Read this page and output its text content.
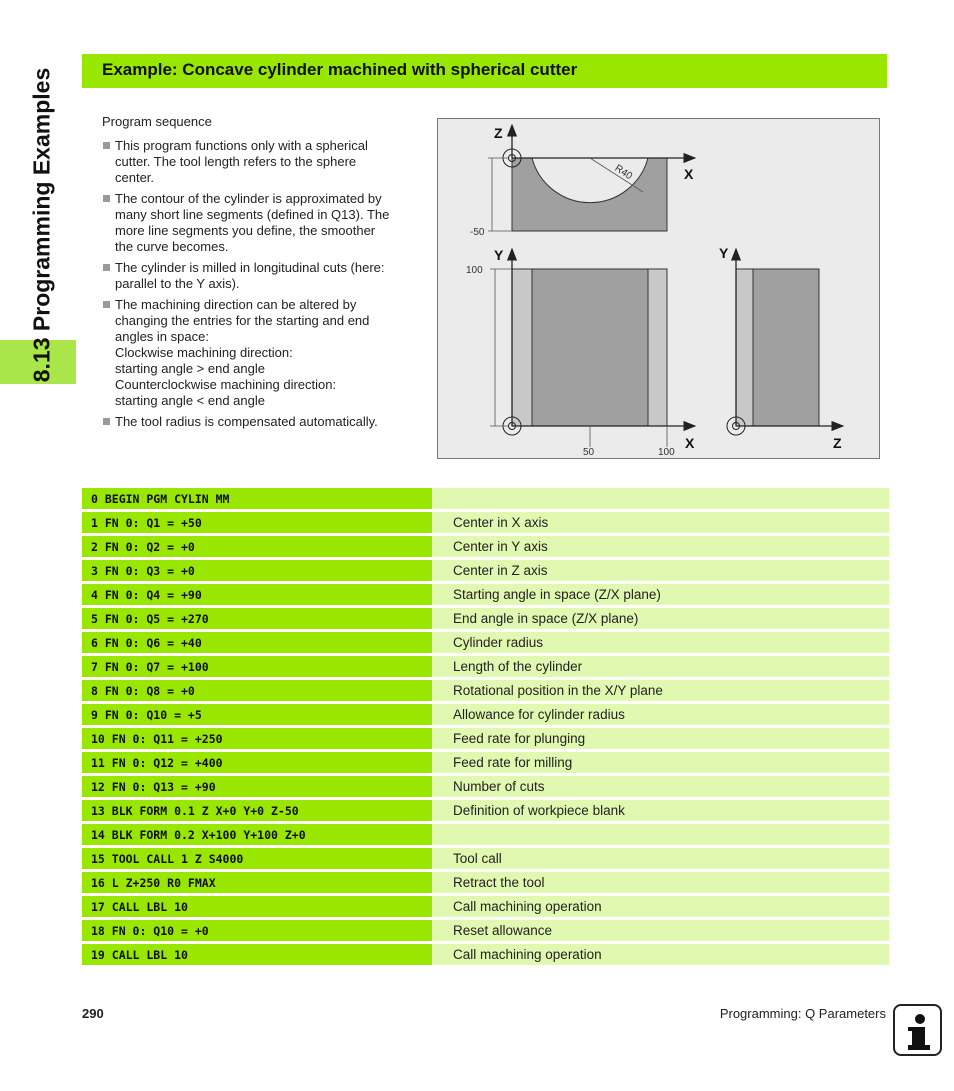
8.13 Programming Examples	Example: Concave cylinder machined with spherical cutter
Program sequence
This program functions only with a spherical
cutter. The tool length refers to the sphere
center.
The contour of the cylinder is approximated by
many short line segments (defined in Q13). The
more line segments you define, the smoother
the curve becomes.
The cylinder is milled in longitudinal cuts (here:
parallel to the Y axis).
The machining direction can be altered by
changing the entries for the starting and end
angles in space:
Clockwise machining direction:
starting angle > end angle
Counterclockwise machining direction:
starting angle < end angle
The tool radius is compensated automatically.
Z
X
Y	Y
X	Z
R40
-50
100
50	100
0 BEGIN PGM CYLIN MM		
1 FN 0: Q1 = +50		Center in X axis
2 FN 0: Q2 = +0		Center in Y axis
3 FN 0: Q3 = +0		Center in Z axis
4 FN 0: Q4 = +90		Starting angle in space (Z/X plane)
5 FN 0: Q5 = +270		End angle in space (Z/X plane)
6 FN 0: Q6 = +40		Cylinder radius
7 FN 0: Q7 = +100		Length of the cylinder
8 FN 0: Q8 = +0		Rotational position in the X/Y plane
9 FN 0: Q10 = +5		Allowance for cylinder radius
10 FN 0: Q11 = +250		Feed rate for plunging
11 FN 0: Q12 = +400		Feed rate for milling
12 FN 0: Q13 = +90		Number of cuts
13 BLK FORM 0.1 Z X+0 Y+0 Z-50		Definition of workpiece blank
14 BLK FORM 0.2 X+100 Y+100 Z+0		
15 TOOL CALL 1 Z S4000		Tool call
16 L Z+250 R0 FMAX		Retract the tool
17 CALL LBL 10		Call machining operation
18 FN 0: Q10 = +0		Reset allowance
19 CALL LBL 10		Call machining operation
290	Programming: Q Parameters
